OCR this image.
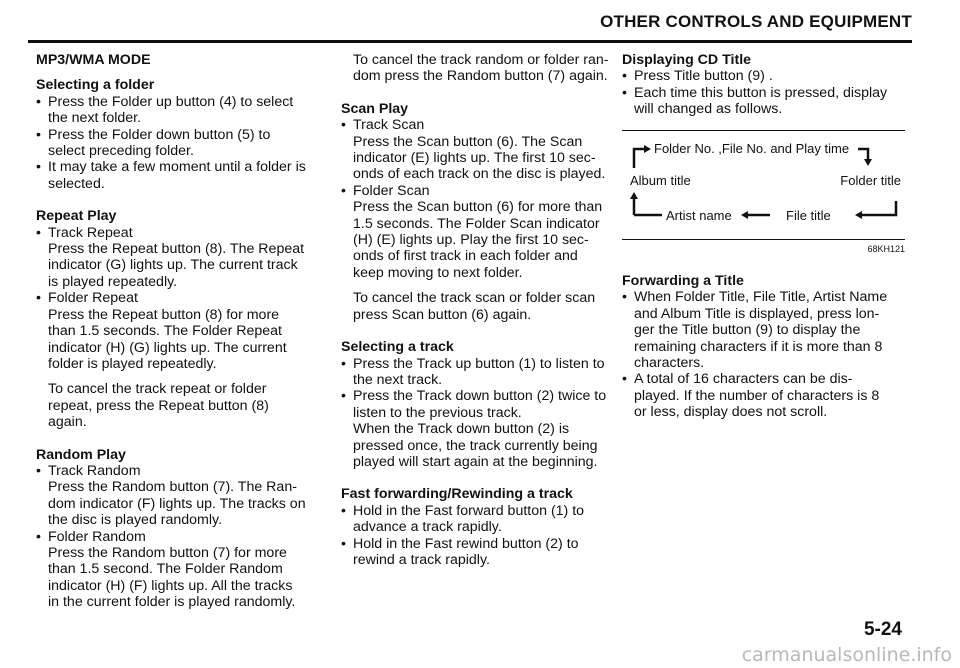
OTHER CONTROLS AND EQUIPMENT

MP3/WMA MODE

Selecting a folder

• Press the Folder up button (4) to select
the next folder.

• Press the Folder down button (5) to
select preceding folder.

• It may take a few moment until a folder is
selected.

Repeat Play

• Track Repeat

Press the Repeat button (8). The Repeat
indicator (G) lights up. The current track
is played repeatedly.

• Folder Repeat

Press the Repeat button (8) for more
than 1.5 seconds. The Folder Repeat
indicator (H) (G) lights up. The current
folder is played repeatedly.

To cancel the track repeat or folder
repeat, press the Repeat button (8)
again.

Random Play

• Track Random

Press the Random button (7). The Ran-
dom indicator (F) lights up. The tracks on
the disc is played randomly.

• Folder Random

Press the Random button (7) for more
than 1.5 second. The Folder Random
indicator (H) (F) lights up. All the tracks
in the current folder is played randomly.

To cancel the track random or folder ran-
dom press the Random button (7) again.

Scan Play

• Track Scan

Press the Scan button (6). The Scan
indicator (E) lights up. The first 10 sec-
onds of each track on the disc is played.

• Folder Scan

Press the Scan button (6) for more than
1.5 seconds. The Folder Scan indicator
(H) (E) lights up. Play the first 10 sec-
onds of first track in each folder and
keep moving to next folder.

To cancel the track scan or folder scan
press Scan button (6) again.

Selecting a track

• Press the Track up button (1) to listen to
the next track.

• Press the Track down button (2) twice to
listen to the previous track.
When the Track down button (2) is
pressed once, the track currently being
played will start again at the beginning.

Fast forwarding/Rewinding a track

• Hold in the Fast forward button (1) to
advance a track rapidly.

• Hold in the Fast rewind button (2) to
rewind a track rapidly.

Displaying CD Title

• Press Title button (9) .

• Each time this button is pressed, display
will changed as follows.

Folder No. ,File No. and Play time
Album title	Folder title
Artist name	File title
68KH121

Forwarding a Title

• When Folder Title, File Title, Artist Name
and Album Title is displayed, press lon-
ger the Title button (9) to display the
remaining characters if it is more than 8
characters.

• A total of 16 characters can be dis-
played. If the number of characters is 8
or less, display does not scroll.

5-24
carmanualsonline.info
